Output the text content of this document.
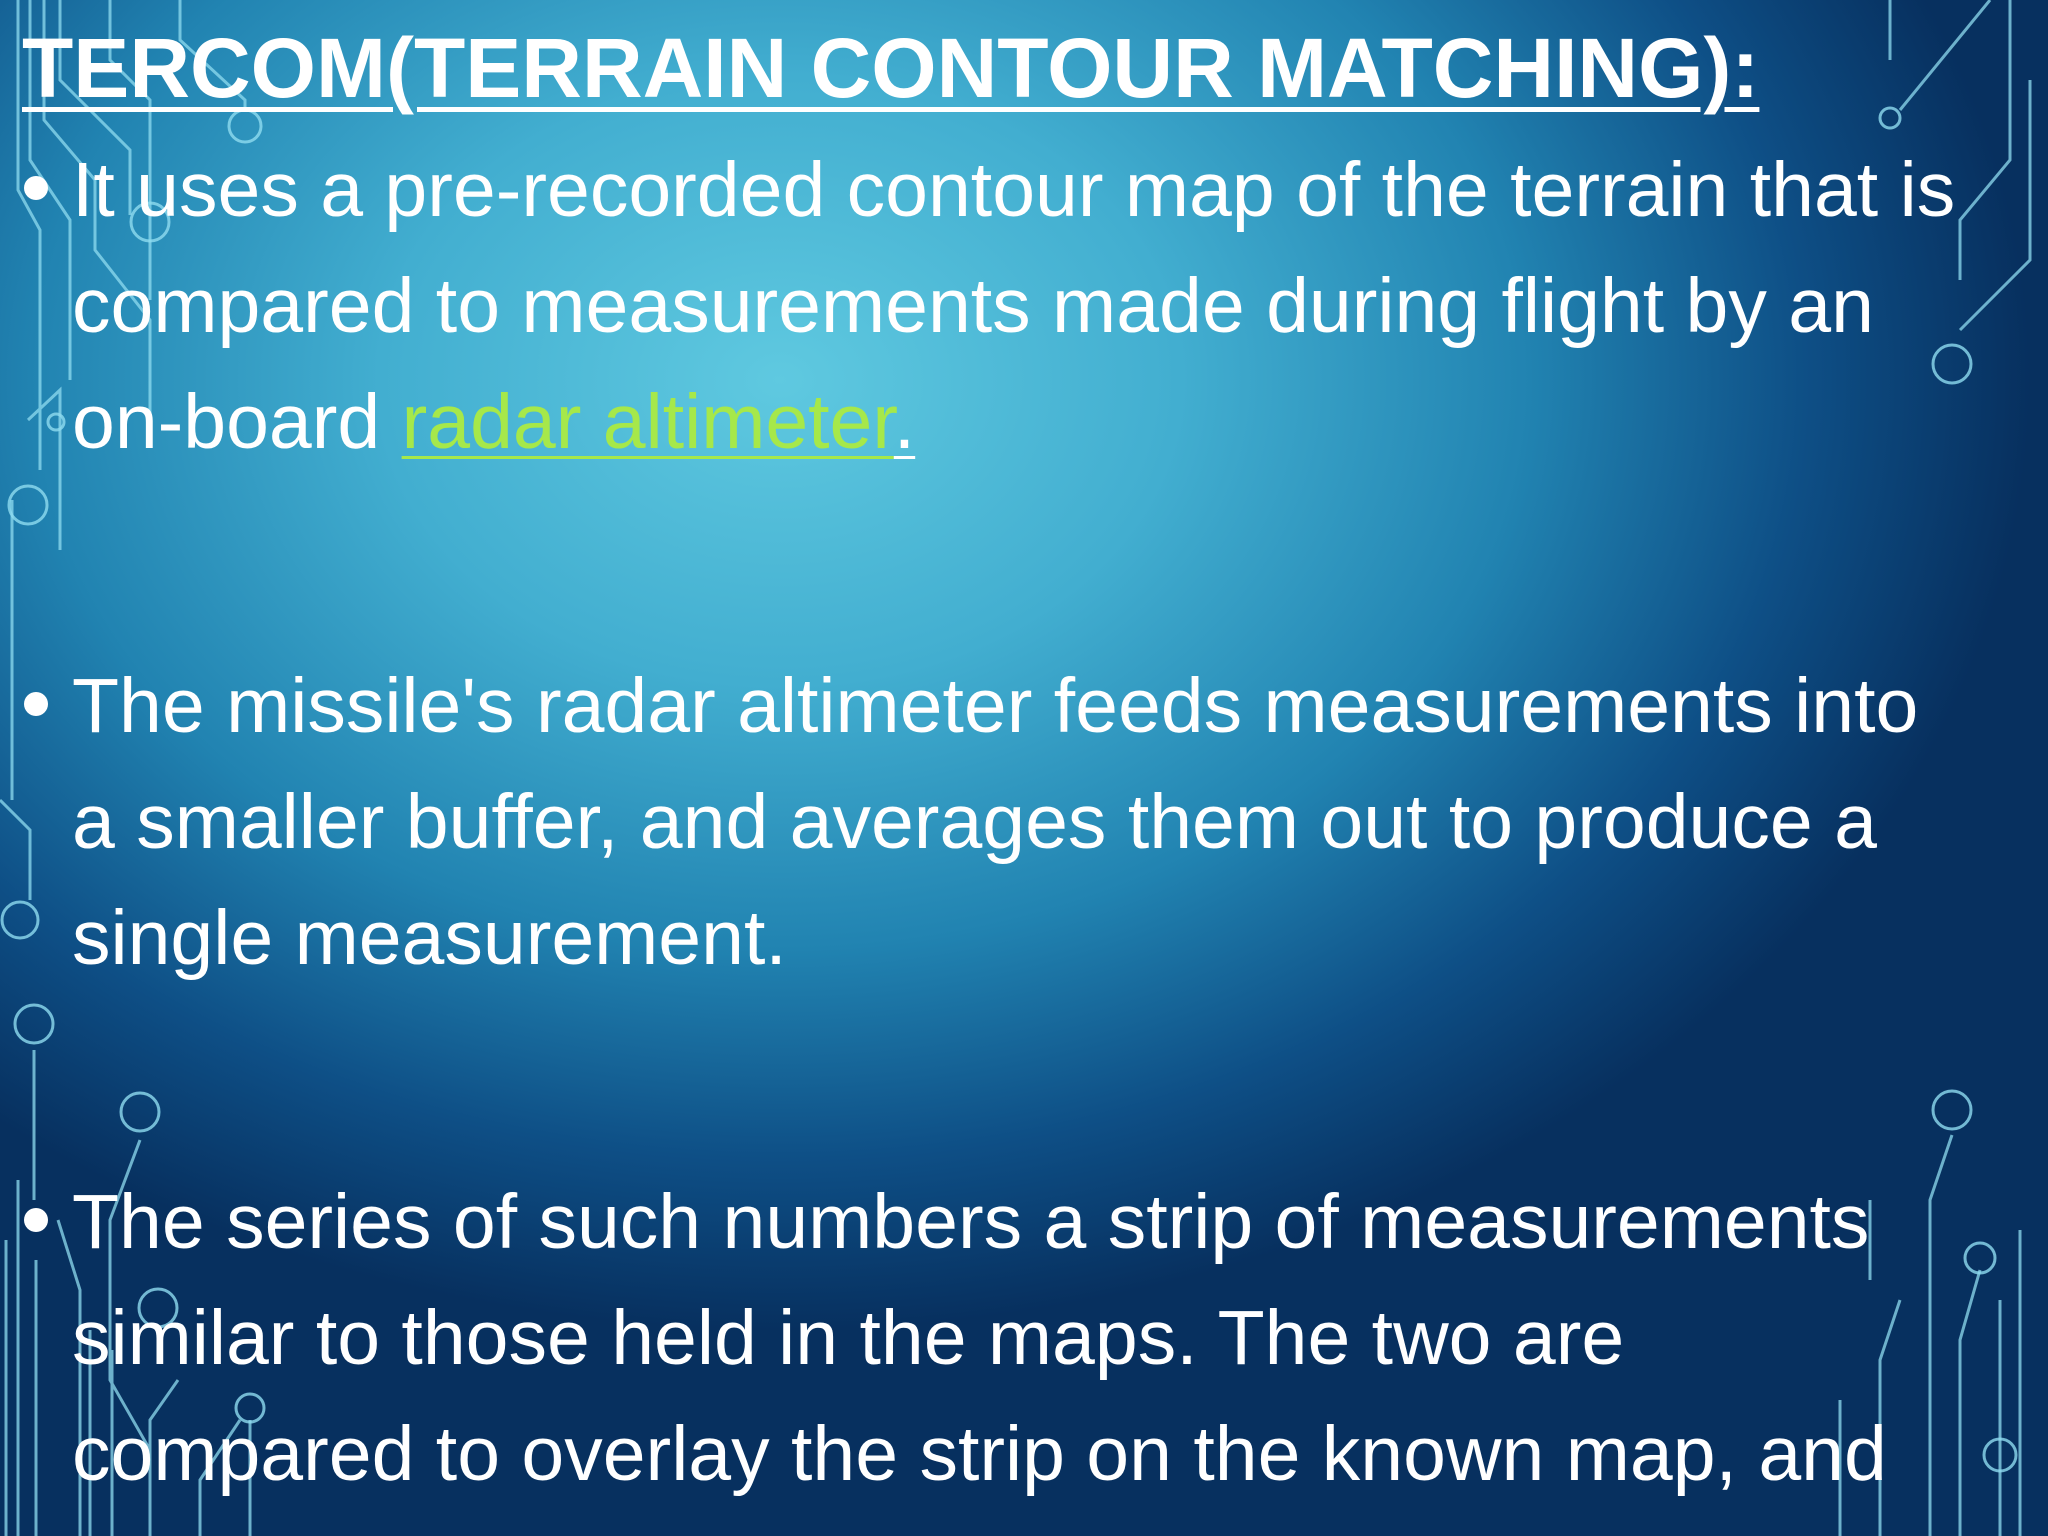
TERCOM(TERRAIN CONTOUR MATCHING):
It uses a pre-recorded contour map of the terrain that is
compared to measurements made during flight by an
on-board radar altimeter.
The missile's radar altimeter feeds measurements into
a smaller buffer, and averages them out to produce a
single measurement.
The series of such numbers a strip of measurements
similar to those held in the maps. The two are
compared to overlay the strip on the known map, and
